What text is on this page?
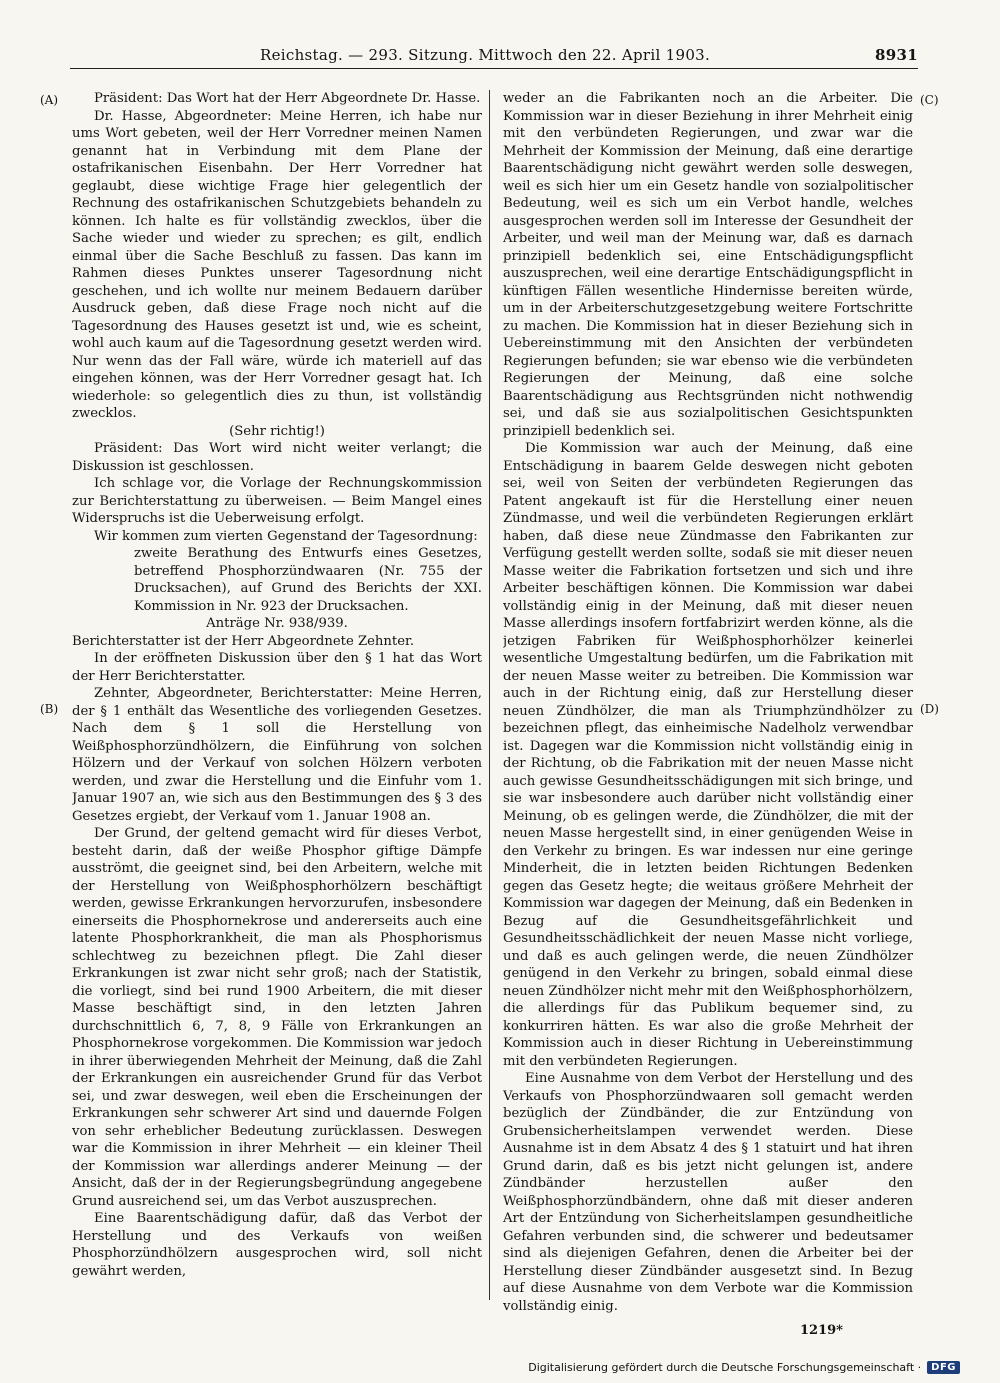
Reichstag. — 293. Sitzung. Mittwoch den 22. April 1903.	8931
(A)
(B)
(C)
(D)

Präsident: Das Wort hat der Herr Abgeordnete Dr. Hasse.

Dr. Hasse, Abgeordneter: Meine Herren, ich habe nur ums Wort gebeten, weil der Herr Vorredner meinen Namen genannt hat in Verbindung mit dem Plane der ostafrikanischen Eisenbahn. Der Herr Vorredner hat geglaubt, diese wichtige Frage hier gelegentlich der Rechnung des ostafrikanischen Schutzgebiets behandeln zu können. Ich halte es für vollständig zwecklos, über die Sache wieder und wieder zu sprechen; es gilt, endlich einmal über die Sache Beschluß zu fassen. Das kann im Rahmen dieses Punktes unserer Tagesordnung nicht geschehen, und ich wollte nur meinem Bedauern darüber Ausdruck geben, daß diese Frage noch nicht auf die Tagesordnung des Hauses gesetzt ist und, wie es scheint, wohl auch kaum auf die Tagesordnung gesetzt werden wird. Nur wenn das der Fall wäre, würde ich materiell auf das eingehen können, was der Herr Vorredner gesagt hat. Ich wiederhole: so gelegentlich dies zu thun, ist vollständig zwecklos.

(Sehr richtig!)

Präsident: Das Wort wird nicht weiter verlangt; die Diskussion ist geschlossen.

Ich schlage vor, die Vorlage der Rechnungskommission zur Berichterstattung zu überweisen. — Beim Mangel eines Widerspruchs ist die Ueberweisung erfolgt.

Wir kommen zum vierten Gegenstand der Tagesordnung:

zweite Berathung des Entwurfs eines Gesetzes, betreffend Phosphorzündwaaren (Nr. 755 der Drucksachen), auf Grund des Berichts der XXI. Kommission in Nr. 923 der Drucksachen.

Anträge Nr. 938/939.

Berichterstatter ist der Herr Abgeordnete Zehnter.

In der eröffneten Diskussion über den § 1 hat das Wort der Herr Berichterstatter.

Zehnter, Abgeordneter, Berichterstatter: Meine Herren, der § 1 enthält das Wesentliche des vorliegenden Gesetzes. Nach dem § 1 soll die Herstellung von Weißphosphorzündhölzern, die Einführung von solchen Hölzern und der Verkauf von solchen Hölzern verboten werden, und zwar die Herstellung und die Einfuhr vom 1. Januar 1907 an, wie sich aus den Bestimmungen des § 3 des Gesetzes ergiebt, der Verkauf vom 1. Januar 1908 an.

Der Grund, der geltend gemacht wird für dieses Verbot, besteht darin, daß der weiße Phosphor giftige Dämpfe ausströmt, die geeignet sind, bei den Arbeitern, welche mit der Herstellung von Weißphosphorhölzern beschäftigt werden, gewisse Erkrankungen hervorzurufen, insbesondere einerseits die Phosphornekrose und andererseits auch eine latente Phosphorkrankheit, die man als Phosphorismus schlechtweg zu bezeichnen pflegt. Die Zahl dieser Erkrankungen ist zwar nicht sehr groß; nach der Statistik, die vorliegt, sind bei rund 1900 Arbeitern, die mit dieser Masse beschäftigt sind, in den letzten Jahren durchschnittlich 6, 7, 8, 9 Fälle von Erkrankungen an Phosphornekrose vorgekommen. Die Kommission war jedoch in ihrer überwiegenden Mehrheit der Meinung, daß die Zahl der Erkrankungen ein ausreichender Grund für das Verbot sei, und zwar deswegen, weil eben die Erscheinungen der Erkrankungen sehr schwerer Art sind und dauernde Folgen von sehr erheblicher Bedeutung zurücklassen. Deswegen war die Kommission in ihrer Mehrheit — ein kleiner Theil der Kommission war allerdings anderer Meinung — der Ansicht, daß der in der Regierungsbegründung angegebene Grund ausreichend sei, um das Verbot auszusprechen.

Eine Baarentschädigung dafür, daß das Verbot der Herstellung und des Verkaufs von weißen Phosphorzündhölzern ausgesprochen wird, soll nicht gewährt werden,

weder an die Fabrikanten noch an die Arbeiter. Die Kommission war in dieser Beziehung in ihrer Mehrheit einig mit den verbündeten Regierungen, und zwar war die Mehrheit der Kommission der Meinung, daß eine derartige Baarentschädigung nicht gewährt werden solle deswegen, weil es sich hier um ein Gesetz handle von sozialpolitischer Bedeutung, weil es sich um ein Verbot handle, welches ausgesprochen werden soll im Interesse der Gesundheit der Arbeiter, und weil man der Meinung war, daß es darnach prinzipiell bedenklich sei, eine Entschädigungspflicht auszusprechen, weil eine derartige Entschädigungspflicht in künftigen Fällen wesentliche Hindernisse bereiten würde, um in der Arbeiterschutzgesetzgebung weitere Fortschritte zu machen. Die Kommission hat in dieser Beziehung sich in Uebereinstimmung mit den Ansichten der verbündeten Regierungen befunden; sie war ebenso wie die verbündeten Regierungen der Meinung, daß eine solche Baarentschädigung aus Rechtsgründen nicht nothwendig sei, und daß sie aus sozialpolitischen Gesichtspunkten prinzipiell bedenklich sei.

Die Kommission war auch der Meinung, daß eine Entschädigung in baarem Gelde deswegen nicht geboten sei, weil von Seiten der verbündeten Regierungen das Patent angekauft ist für die Herstellung einer neuen Zündmasse, und weil die verbündeten Regierungen erklärt haben, daß diese neue Zündmasse den Fabrikanten zur Verfügung gestellt werden sollte, sodaß sie mit dieser neuen Masse weiter die Fabrikation fortsetzen und sich und ihre Arbeiter beschäftigen können. Die Kommission war dabei vollständig einig in der Meinung, daß mit dieser neuen Masse allerdings insofern fortfabrizirt werden könne, als die jetzigen Fabriken für Weißphosphorhölzer keinerlei wesentliche Umgestaltung bedürfen, um die Fabrikation mit der neuen Masse weiter zu betreiben. Die Kommission war auch in der Richtung einig, daß zur Herstellung dieser neuen Zündhölzer, die man als Triumphzündhölzer zu bezeichnen pflegt, das einheimische Nadelholz verwendbar ist. Dagegen war die Kommission nicht vollständig einig in der Richtung, ob die Fabrikation mit der neuen Masse nicht auch gewisse Gesundheitsschädigungen mit sich bringe, und sie war insbesondere auch darüber nicht vollständig einer Meinung, ob es gelingen werde, die Zündhölzer, die mit der neuen Masse hergestellt sind, in einer genügenden Weise in den Verkehr zu bringen. Es war indessen nur eine geringe Minderheit, die in letzten beiden Richtungen Bedenken gegen das Gesetz hegte; die weitaus größere Mehrheit der Kommission war dagegen der Meinung, daß ein Bedenken in Bezug auf die Gesundheitsgefährlichkeit und Gesundheitsschädlichkeit der neuen Masse nicht vorliege, und daß es auch gelingen werde, die neuen Zündhölzer genügend in den Verkehr zu bringen, sobald einmal diese neuen Zündhölzer nicht mehr mit den Weißphosphorhölzern, die allerdings für das Publikum bequemer sind, zu konkurriren hätten. Es war also die große Mehrheit der Kommission auch in dieser Richtung in Uebereinstimmung mit den verbündeten Regierungen.

Eine Ausnahme von dem Verbot der Herstellung und des Verkaufs von Phosphorzündwaaren soll gemacht werden bezüglich der Zündbänder, die zur Entzündung von Grubensicherheitslampen verwendet werden. Diese Ausnahme ist in dem Absatz 4 des § 1 statuirt und hat ihren Grund darin, daß es bis jetzt nicht gelungen ist, andere Zündbänder herzustellen außer den Weißphosphorzündbändern, ohne daß mit dieser anderen Art der Entzündung von Sicherheitslampen gesundheitliche Gefahren verbunden sind, die schwerer und bedeutsamer sind als diejenigen Gefahren, denen die Arbeiter bei der Herstellung dieser Zündbänder ausgesetzt sind. In Bezug auf diese Ausnahme von dem Verbote war die Kommission vollständig einig.

1219*
Digitalisierung gefördert durch die Deutsche Forschungsgemeinschaft ·	DFG
